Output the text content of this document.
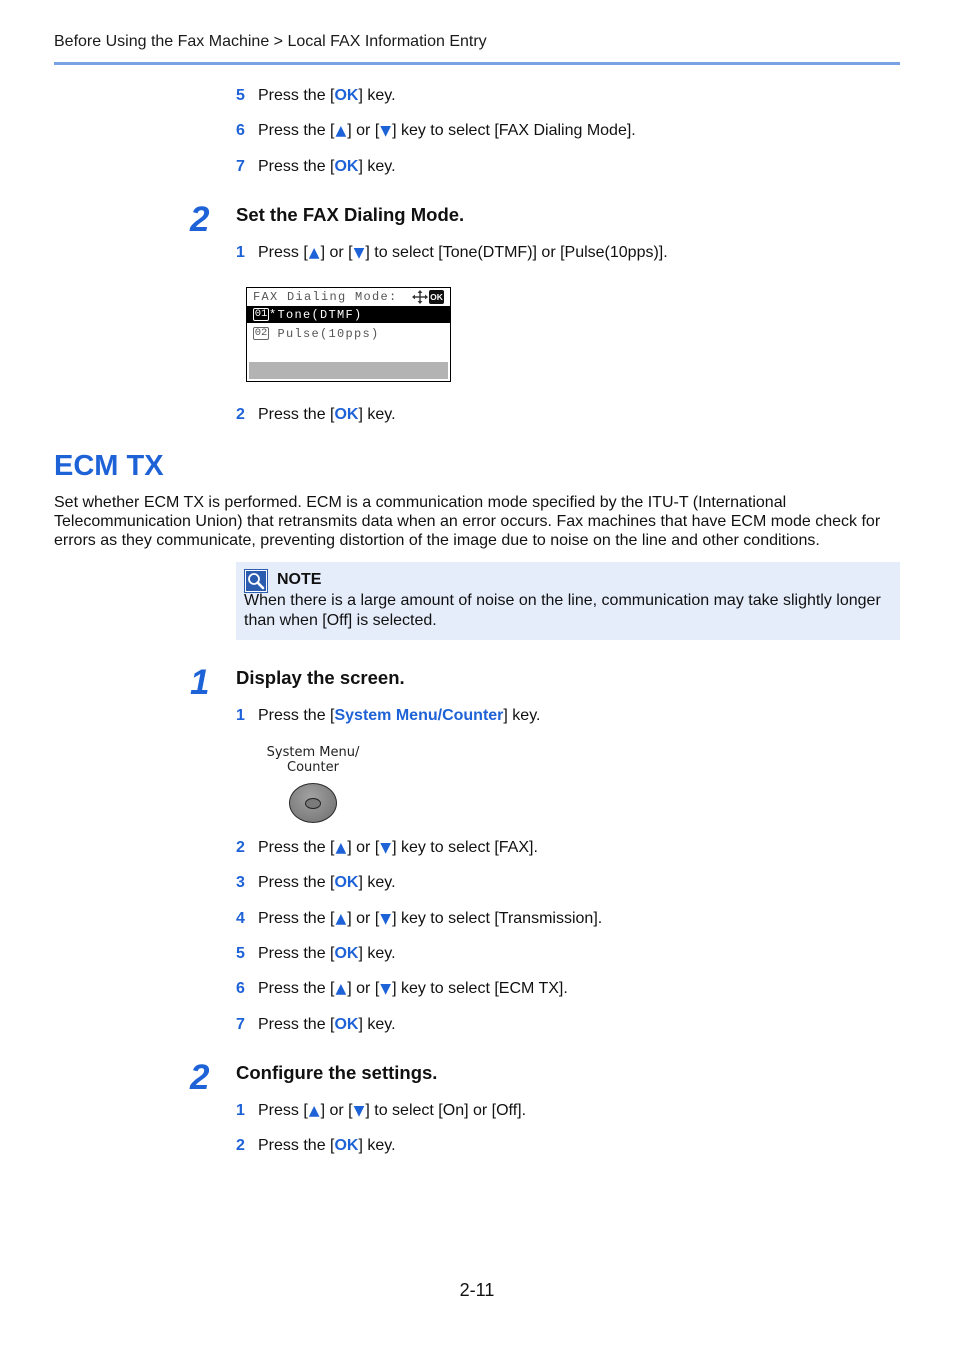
Before Using the Fax Machine > Local FAX Information Entry
5 Press the [OK] key.
6 Press the [▲] or [▼] key to select [FAX Dialing Mode].
7 Press the [OK] key.
2 Set the FAX Dialing Mode.
1 Press [▲] or [▼] to select [Tone(DTMF)] or [Pulse(10pps)].
FAX Dialing Mode:	OK
01 * Tone(DTMF)
02 Pulse(10pps)
2 Press the [OK] key.
ECM TX
Set whether ECM TX is performed. ECM is a communication mode specified by the ITU-T (International Telecommunication Union) that retransmits data when an error occurs. Fax machines that have ECM mode check for errors as they communicate, preventing distortion of the image due to noise on the line and other conditions.
NOTE
When there is a large amount of noise on the line, communication may take slightly longer than when [Off] is selected.
1 Display the screen.
1 Press the [System Menu/Counter] key.
System Menu/
Counter
2 Press the [▲] or [▼] key to select [FAX].
3 Press the [OK] key.
4 Press the [▲] or [▼] key to select [Transmission].
5 Press the [OK] key.
6 Press the [▲] or [▼] key to select [ECM TX].
7 Press the [OK] key.
2 Configure the settings.
1 Press [▲] or [▼] to select [On] or [Off].
2 Press the [OK] key.
2-11
